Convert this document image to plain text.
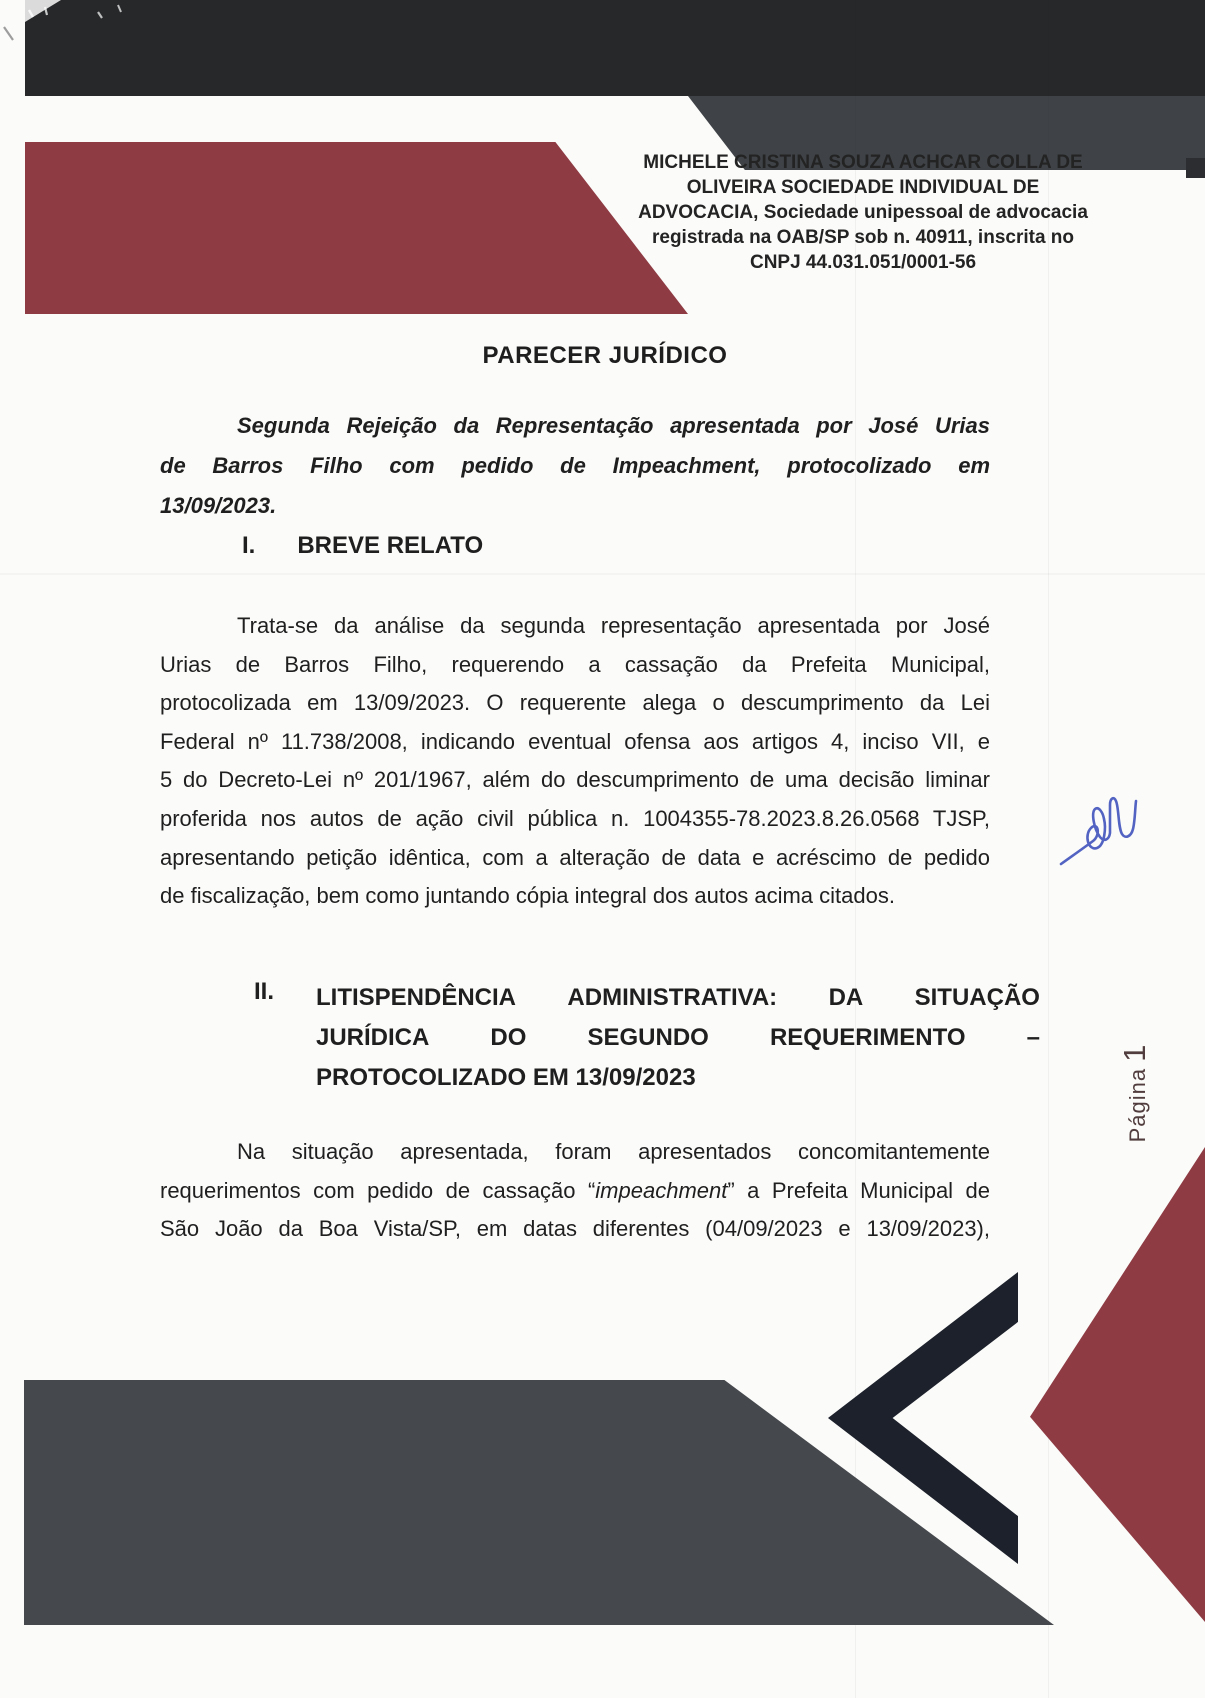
MICHELE CRISTINA SOUZA ACHCAR COLLA DE
OLIVEIRA SOCIEDADE INDIVIDUAL DE
ADVOCACIA, Sociedade unipessoal de advocacia
registrada na OAB/SP sob n. 40911, inscrita no
CNPJ 44.031.051/0001-56
PARECER JURÍDICO
Segunda Rejeição da Representação apresentada por José Urias
de Barros Filho com pedido de Impeachment, protocolizado em
13/09/2023.
I. BREVE RELATO
Trata-se da análise da segunda representação apresentada por José
Urias de Barros Filho, requerendo a cassação da Prefeita Municipal,
protocolizada em 13/09/2023. O requerente alega o descumprimento da Lei
Federal nº 11.738/2008, indicando eventual ofensa aos artigos 4, inciso VII, e
5 do Decreto-Lei nº 201/1967, além do descumprimento de uma decisão liminar
proferida nos autos de ação civil pública n. 1004355-78.2023.8.26.0568 TJSP,
apresentando petição idêntica, com a alteração de data e acréscimo de pedido
de fiscalização, bem como juntando cópia integral dos autos acima citados.
II. LITISPENDÊNCIA ADMINISTRATIVA: DA SITUAÇÃO
JURÍDICA	DO	SEGUNDO	REQUERIMENTO	–
PROTOCOLIZADO EM 13/09/2023
Na situação apresentada, foram apresentados concomitantemente
requerimentos com pedido de cassação “impeachment” a Prefeita Municipal de
São João da Boa Vista/SP, em datas diferentes (04/09/2023 e 13/09/2023),
Página
1
